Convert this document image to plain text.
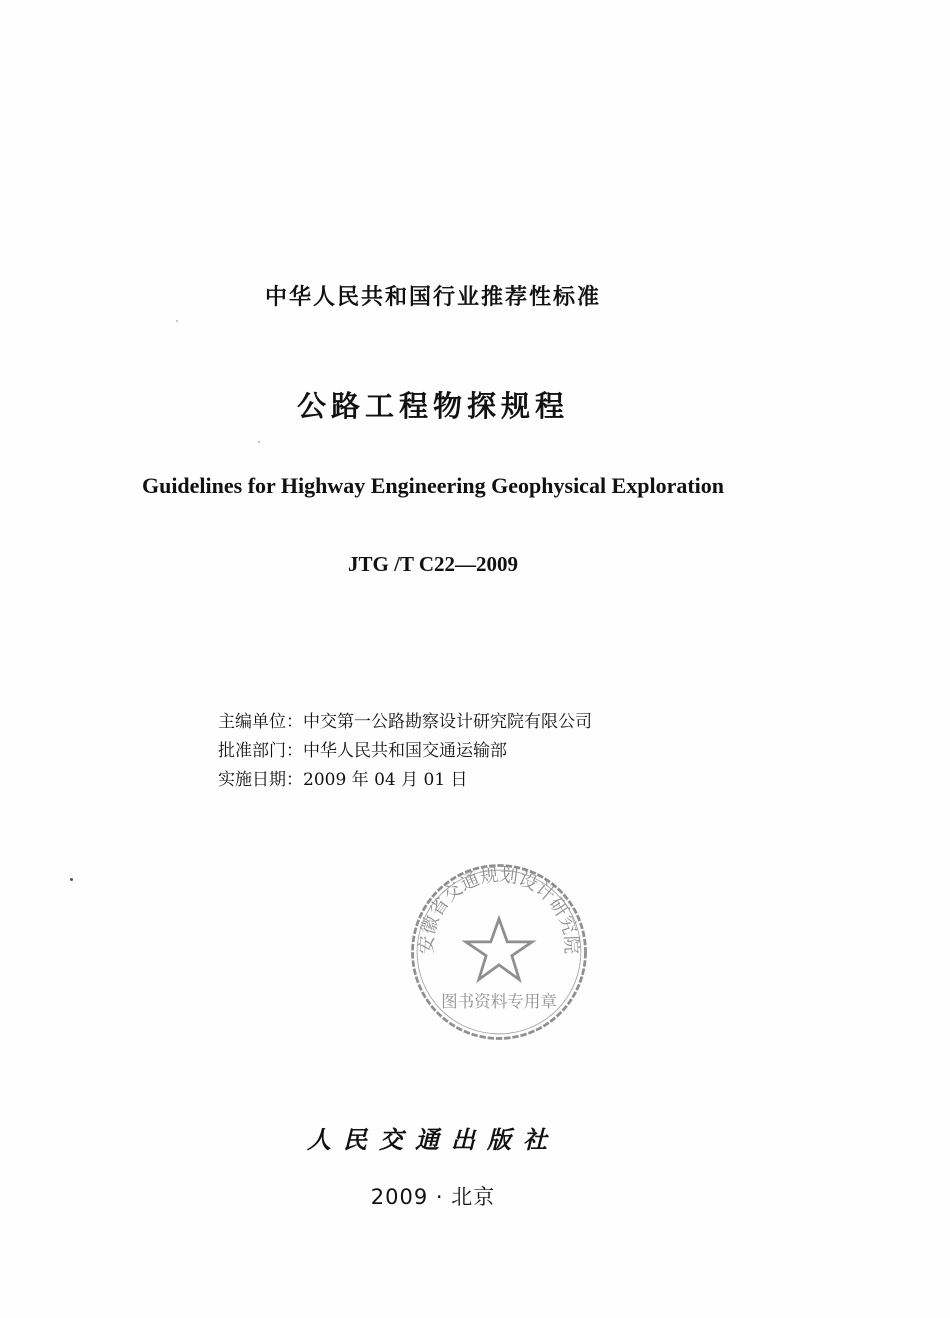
中华人民共和国行业推荐性标准
公路工程物探规程
Guidelines for Highway Engineering Geophysical Exploration
JTG /T C22—2009
主编单位：中交第一公路勘察设计研究院有限公司
批准部门：中华人民共和国交通运输部
实施日期：2009 年 04 月 01 日
安徽省交通规划设计研究院
图书资料专用章
人民交通出版社
2009 · 北京
